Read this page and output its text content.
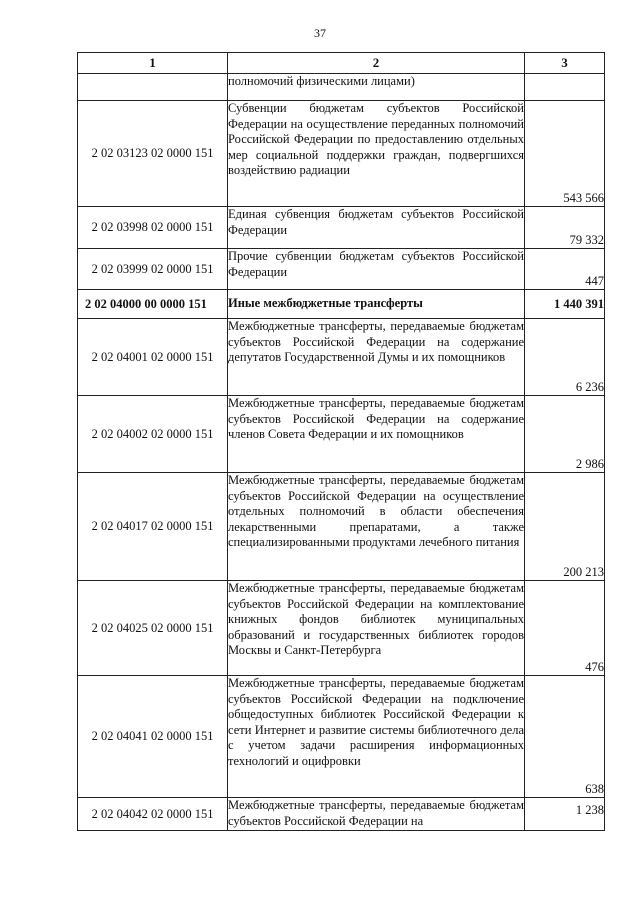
37
1	2	3
	полномочий физическими лицами)	
2 02 03123 02 0000 151	Субвенции бюджетам субъектов Российской Федерации на осуществление переданных полномочий Российской Федерации по предоставлению отдельных мер социальной поддержки граждан, подвергшихся воздействию радиации	543 566
2 02 03998 02 0000 151	Единая субвенция бюджетам субъектов Российской Федерации	79 332
2 02 03999 02 0000 151	Прочие субвенции бюджетам субъектов Российской Федерации	447
2 02 04000 00 0000 151	Иные межбюджетные трансферты	1 440 391
2 02 04001 02 0000 151	Межбюджетные трансферты, передаваемые бюджетам субъектов Российской Федерации на содержание депутатов Государственной Думы и их помощников	6 236
2 02 04002 02 0000 151	Межбюджетные трансферты, передаваемые бюджетам субъектов Российской Федерации на содержание членов Совета Федерации и их помощников	2 986
2 02 04017 02 0000 151	Межбюджетные трансферты, передаваемые бюджетам субъектов Российской Федерации на осуществление отдельных полномочий в области обеспечения лекарственными препаратами, а также специализированными продуктами лечебного питания	200 213
2 02 04025 02 0000 151	Межбюджетные трансферты, передаваемые бюджетам субъектов Российской Федерации на комплектование книжных фондов библиотек муниципальных образований и государственных библиотек городов Москвы и Санкт-Петербурга	476
2 02 04041 02 0000 151	Межбюджетные трансферты, передаваемые бюджетам субъектов Российской Федерации на подключение общедоступных библиотек Российской Федерации к сети Интернет и развитие системы библиотечного дела с учетом задачи расширения информационных технологий и оцифровки	638
2 02 04042 02 0000 151	Межбюджетные трансферты, передаваемые бюджетам субъектов Российской Федерации на	1 238
